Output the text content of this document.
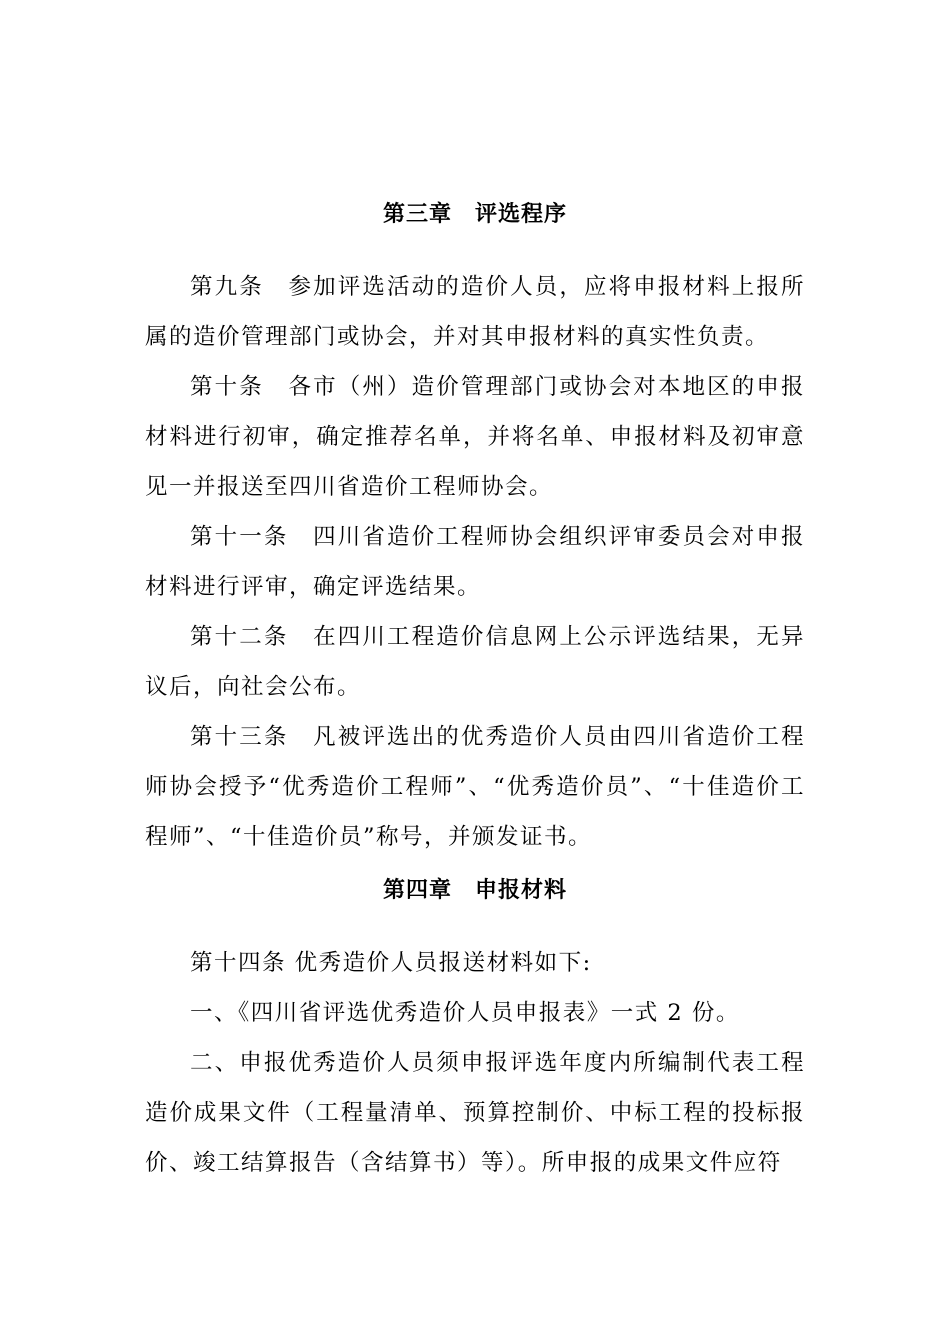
第三章　评选程序

第九条　参加评选活动的造价人员，应将申报材料上报所属的造价管理部门或协会，并对其申报材料的真实性负责。

第十条　各市（州）造价管理部门或协会对本地区的申报材料进行初审，确定推荐名单，并将名单、申报材料及初审意见一并报送至四川省造价工程师协会。

第十一条　四川省造价工程师协会组织评审委员会对申报材料进行评审，确定评选结果。

第十二条　在四川工程造价信息网上公示评选结果，无异议后，向社会公布。

第十三条　凡被评选出的优秀造价人员由四川省造价工程师协会授予“优秀造价工程师”、“优秀造价员”、“十佳造价工程师”、“十佳造价员”称号，并颁发证书。

第四章　申报材料

第十四条 优秀造价人员报送材料如下:

一、《四川省评选优秀造价人员申报表》一式 2 份。

二、申报优秀造价人员须申报评选年度内所编制代表工程造价成果文件（工程量清单、预算控制价、中标工程的投标报价、竣工结算报告（含结算书）等）。所申报的成果文件应符
